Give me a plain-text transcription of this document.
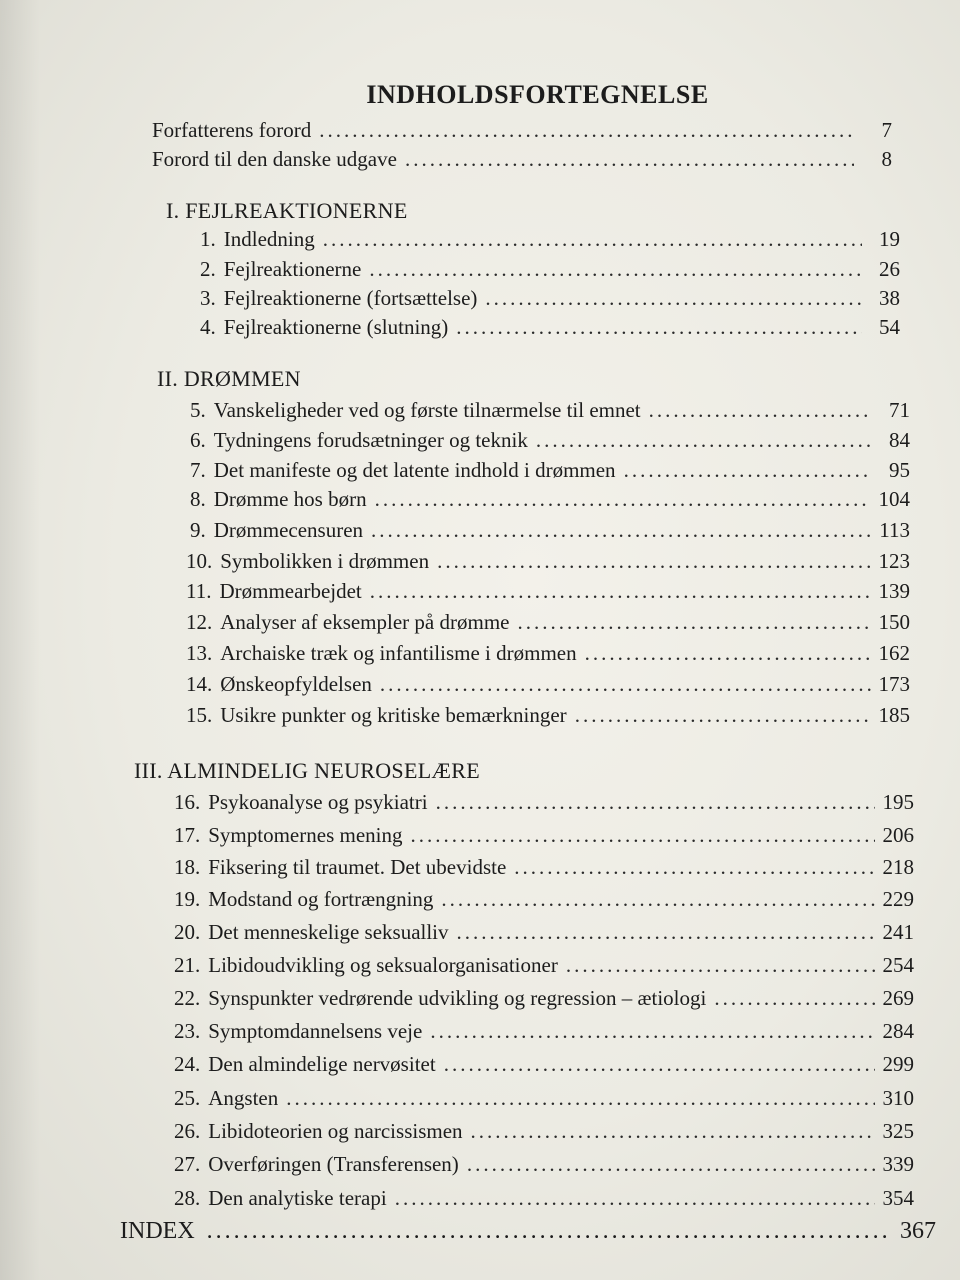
INDHOLDSFORTEGNELSE
Forfatterens forord .....	7
Forord til den danske udgave .....	8
I. FEJLREAKTIONERNE
1. Indledning .....	19
2. Fejlreaktionerne .....	26
3. Fejlreaktionerne (fortsættelse) .....	38
4. Fejlreaktionerne (slutning) .....	54
II. DRØMMEN
5. Vanskeligheder ved og første tilnærmelse til emnet .....	71
6. Tydningens forudsætninger og teknik .....	84
7. Det manifeste og det latente indhold i drømmen .....	95
8. Drømme hos børn .....	104
9. Drømmecensuren .....	113
10. Symbolikken i drømmen .....	123
11. Drømmearbejdet .....	139
12. Analyser af eksempler på drømme .....	150
13. Archaiske træk og infantilisme i drømmen .....	162
14. Ønskeopfyldelsen .....	173
15. Usikre punkter og kritiske bemærkninger .....	185
III. ALMINDELIG NEUROSELÆRE
16. Psykoanalyse og psykiatri .....	195
17. Symptomernes mening .....	206
18. Fiksering til traumet. Det ubevidste .....	218
19. Modstand og fortrængning .....	229
20. Det menneskelige seksualliv .....	241
21. Libidoudvikling og seksualorganisationer .....	254
22. Synspunkter vedrørende udvikling og regression – ætiologi .....	269
23. Symptomdannelsens veje .....	284
24. Den almindelige nervøsitet .....	299
25. Angsten .....	310
26. Libidoteorien og narcissismen .....	325
27. Overføringen (Transferensen) .....	339
28. Den analytiske terapi .....	354
INDEX .....	367
